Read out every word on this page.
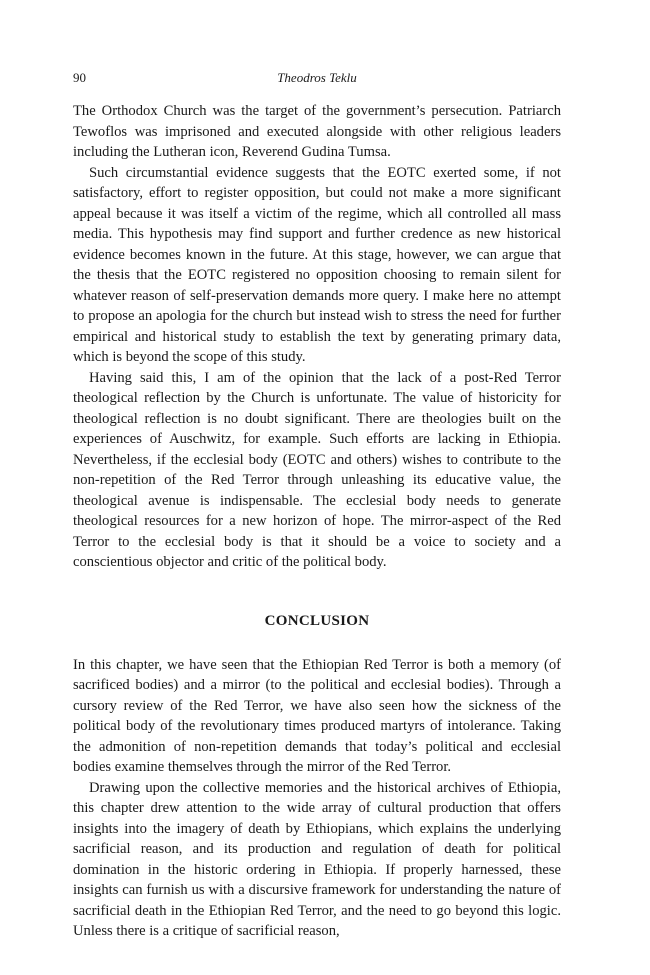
90	Theodros Teklu

The Orthodox Church was the target of the government’s persecution. Patriarch Tewoflos was imprisoned and executed alongside with other religious leaders including the Lutheran icon, Reverend Gudina Tumsa.

Such circumstantial evidence suggests that the EOTC exerted some, if not satisfactory, effort to register opposition, but could not make a more significant appeal because it was itself a victim of the regime, which all controlled all mass media. This hypothesis may find support and further credence as new historical evidence becomes known in the future. At this stage, however, we can argue that the thesis that the EOTC registered no opposition choosing to remain silent for whatever reason of self-preservation demands more query. I make here no attempt to propose an apologia for the church but instead wish to stress the need for further empirical and historical study to establish the text by generating primary data, which is beyond the scope of this study.

Having said this, I am of the opinion that the lack of a post-Red Terror theological reflection by the Church is unfortunate. The value of historicity for theological reflection is no doubt significant. There are theologies built on the experiences of Auschwitz, for example. Such efforts are lacking in Ethiopia. Nevertheless, if the ecclesial body (EOTC and others) wishes to contribute to the non-repetition of the Red Terror through unleashing its educative value, the theological avenue is indispensable. The ecclesial body needs to generate theological resources for a new horizon of hope. The mirror-aspect of the Red Terror to the ecclesial body is that it should be a voice to society and a conscientious objector and critic of the political body.

CONCLUSION

In this chapter, we have seen that the Ethiopian Red Terror is both a memory (of sacrificed bodies) and a mirror (to the political and ecclesial bodies). Through a cursory review of the Red Terror, we have also seen how the sickness of the political body of the revolutionary times produced martyrs of intolerance. Taking the admonition of non-repetition demands that today’s political and ecclesial bodies examine themselves through the mirror of the Red Terror.

Drawing upon the collective memories and the historical archives of Ethiopia, this chapter drew attention to the wide array of cultural production that offers insights into the imagery of death by Ethiopians, which explains the underlying sacrificial reason, and its production and regulation of death for political domination in the historic ordering in Ethiopia. If properly harnessed, these insights can furnish us with a discursive framework for understanding the nature of sacrificial death in the Ethiopian Red Terror, and the need to go beyond this logic. Unless there is a critique of sacrificial reason,
